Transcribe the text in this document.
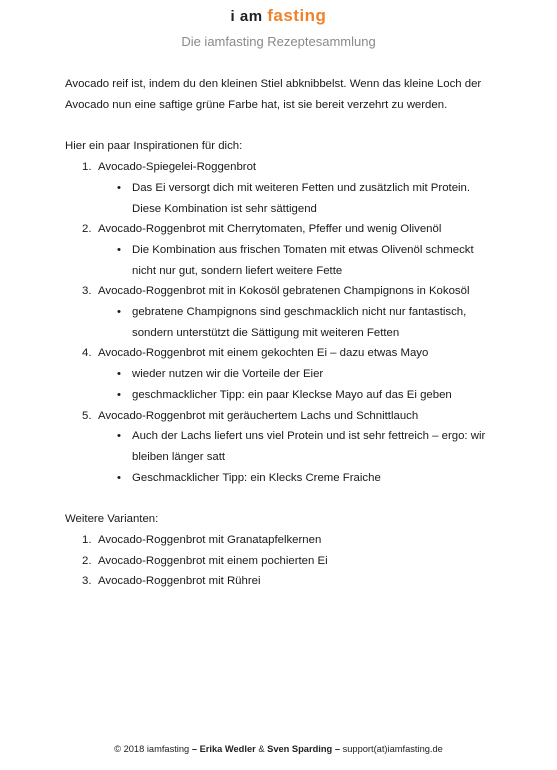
i am fasting
Die iamfasting Rezeptesammlung

Avocado reif ist, indem du den kleinen Stiel abknibbelst. Wenn das kleine Loch der Avocado nun eine saftige grüne Farbe hat, ist sie bereit verzehrt zu werden.

Hier ein paar Inspirationen für dich:

1. Avocado-Spiegelei-Roggenbrot
• Das Ei versorgt dich mit weiteren Fetten und zusätzlich mit Protein. Diese Kombination ist sehr sättigend
2. Avocado-Roggenbrot mit Cherrytomaten, Pfeffer und wenig Olivenöl
• Die Kombination aus frischen Tomaten mit etwas Olivenöl schmeckt nicht nur gut, sondern liefert weitere Fette
3. Avocado-Roggenbrot mit in Kokosöl gebratenen Champignons in Kokosöl
• gebratene Champignons sind geschmacklich nicht nur fantastisch, sondern unterstützt die Sättigung mit weiteren Fetten
4. Avocado-Roggenbrot mit einem gekochten Ei – dazu etwas Mayo
• wieder nutzen wir die Vorteile der Eier
• geschmacklicher Tipp: ein paar Kleckse Mayo auf das Ei geben
5. Avocado-Roggenbrot mit geräuchertem Lachs und Schnittlauch
• Auch der Lachs liefert uns viel Protein und ist sehr fettreich – ergo: wir bleiben länger satt
• Geschmacklicher Tipp: ein Klecks Creme Fraiche

Weitere Varianten:

1. Avocado-Roggenbrot mit Granatapfelkernen
2. Avocado-Roggenbrot mit einem pochierten Ei
3. Avocado-Roggenbrot mit Rührei
© 2018 iamfasting – Erika Wedler & Sven Sparding – support(at)iamfasting.de
